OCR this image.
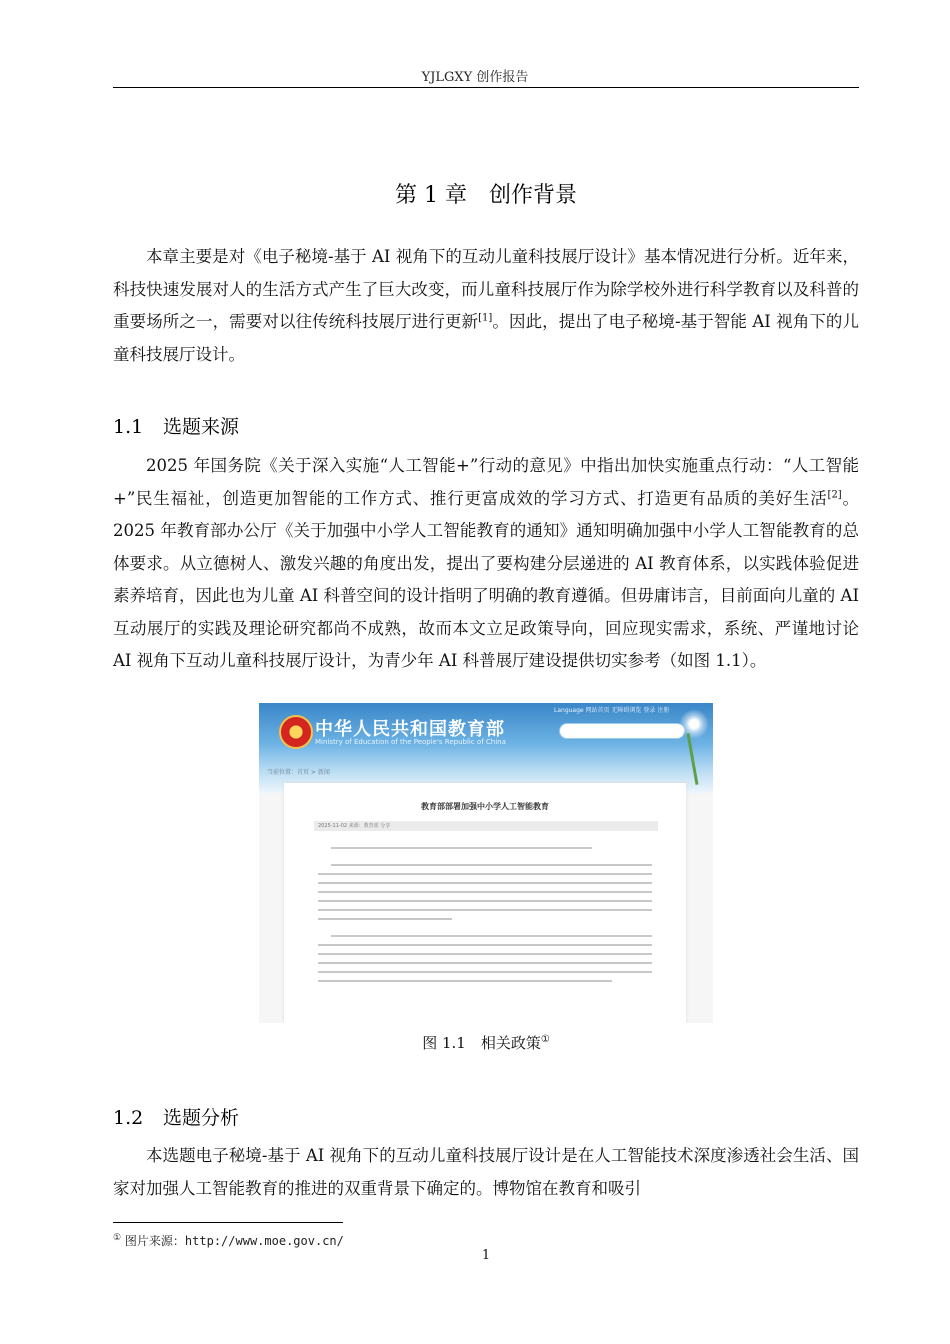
YJLGXY 创作报告
第 1 章　创作背景
本章主要是对《电子秘境-基于 AI 视角下的互动儿童科技展厅设计》基本情况进行分析。近年来，科技快速发展对人的生活方式产生了巨大改变，而儿童科技展厅作为除学校外进行科学教育以及科普的重要场所之一，需要对以往传统科技展厅进行更新[1]。因此，提出了电子秘境-基于智能 AI 视角下的儿童科技展厅设计。
1.1 选题来源
2025 年国务院《关于深入实施“人工智能+”行动的意见》中指出加快实施重点行动：“人工智能+”民生福祉，创造更加智能的工作方式、推行更富成效的学习方式、打造更有品质的美好生活[2]。2025 年教育部办公厅《关于加强中小学人工智能教育的通知》通知明确加强中小学人工智能教育的总体要求。从立德树人、激发兴趣的角度出发，提出了要构建分层递进的 AI 教育体系，以实践体验促进素养培育，因此也为儿童 AI 科普空间的设计指明了明确的教育遵循。但毋庸讳言，目前面向儿童的 AI 互动展厅的实践及理论研究都尚不成熟，故而本文立足政策导向，回应现实需求，系统、严谨地讨论 AI 视角下互动儿童科技展厅设计，为青少年 AI 科普展厅建设提供切实参考（如图 1.1）。
中华人民共和国教育部
Ministry of Education of the People's Republic of China
Language 网站首页 无障碍浏览 登录 注册
当前位置：首页 > 新闻
教育部部署加强中小学人工智能教育
2025-11-02 来源：教育部 分享
图 1.1　相关政策①
1.2 选题分析
本选题电子秘境-基于 AI 视角下的互动儿童科技展厅设计是在人工智能技术深度渗透社会生活、国家对加强人工智能教育的推进的双重背景下确定的。博物馆在教育和吸引
① 图片来源：http://www.moe.gov.cn/
1
